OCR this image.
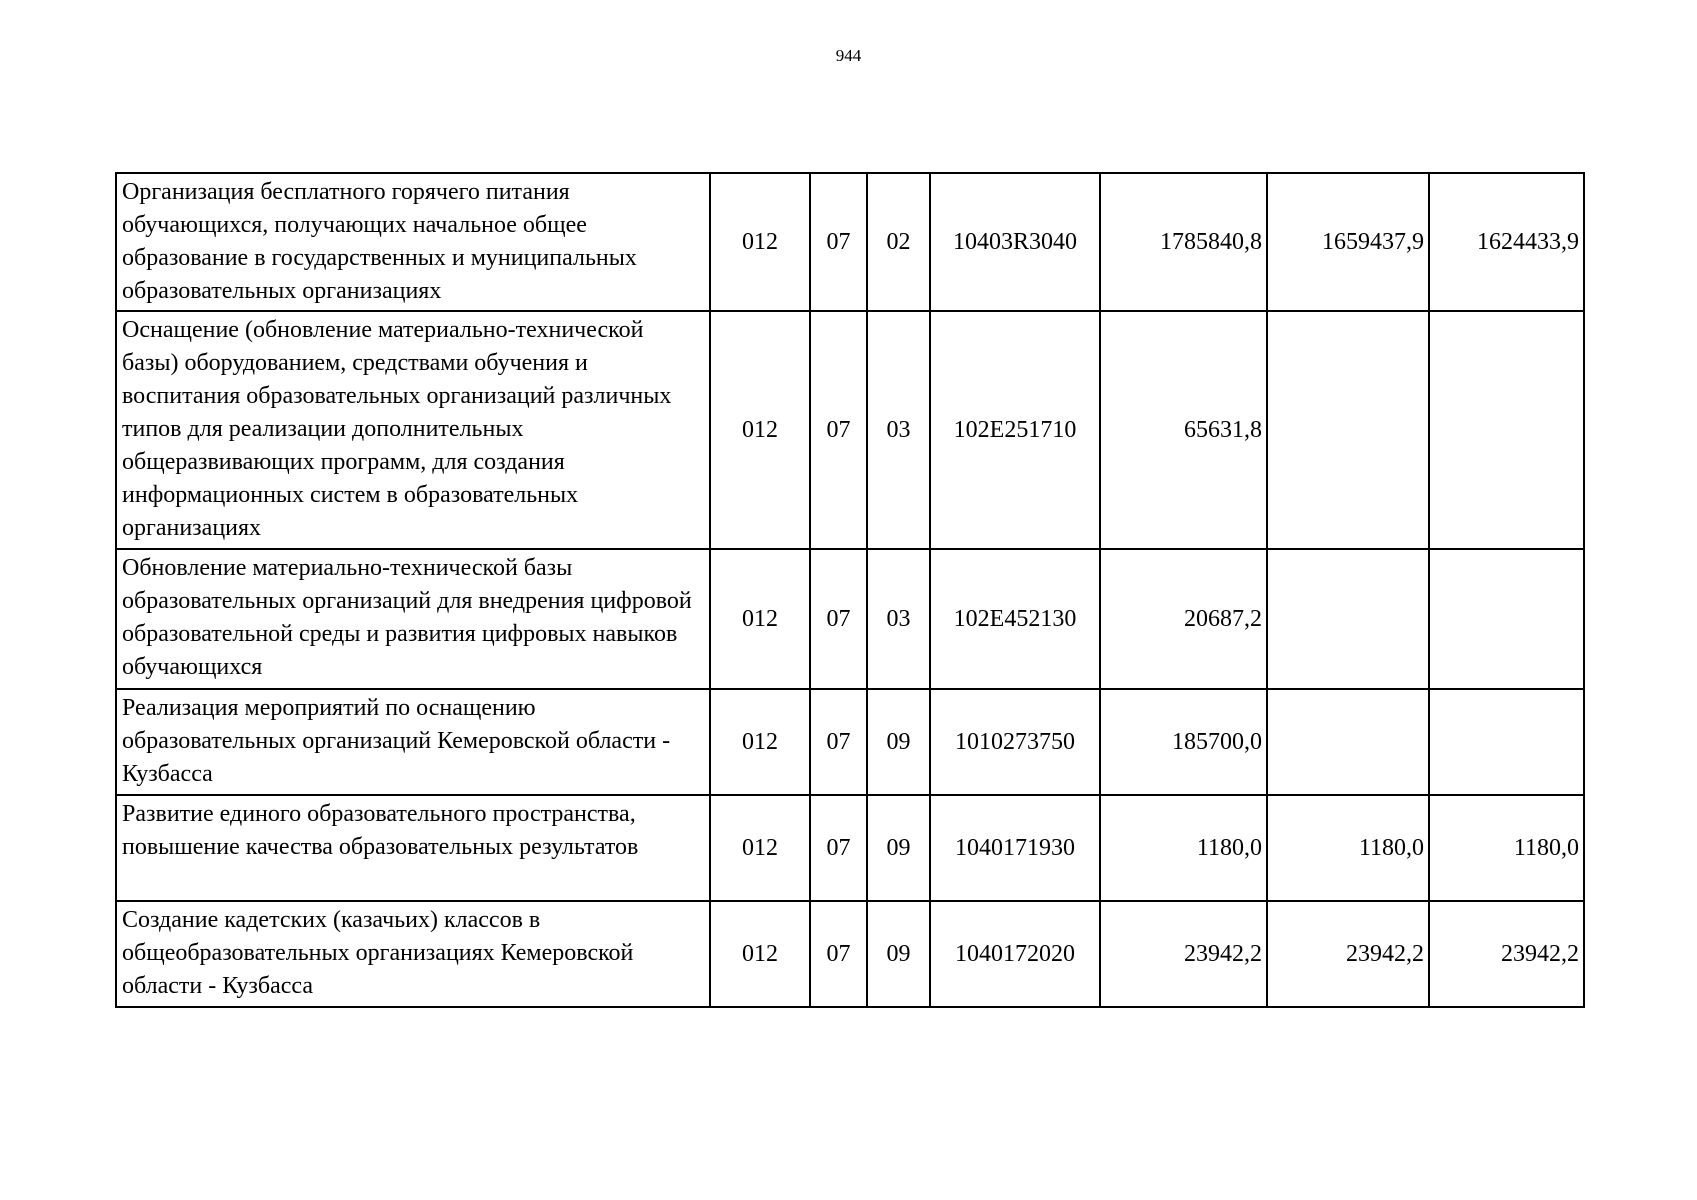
944
Организация бесплатного горячего питания обучающихся, получающих начальное общее образование в государственных и муниципальных образовательных организациях	012	07	02	10403R3040	1785840,8	1659437,9	1624433,9
Оснащение (обновление материально-технической базы) оборудованием, средствами обучения и воспитания образовательных организаций различных типов для реализации дополнительных общеразвивающих программ, для создания информационных систем в образовательных организациях	012	07	03	102E251710	65631,8		
Обновление материально-технической базы образовательных организаций для внедрения цифровой образовательной среды и развития цифровых навыков обучающихся	012	07	03	102E452130	20687,2		
Реализация мероприятий по оснащению образовательных организаций Кемеровской области - Кузбасса	012	07	09	1010273750	185700,0		
Развитие единого образовательного пространства, повышение качества образовательных результатов	012	07	09	1040171930	1180,0	1180,0	1180,0
Создание кадетских (казачьих) классов в общеобразовательных организациях Кемеровской области - Кузбасса	012	07	09	1040172020	23942,2	23942,2	23942,2
